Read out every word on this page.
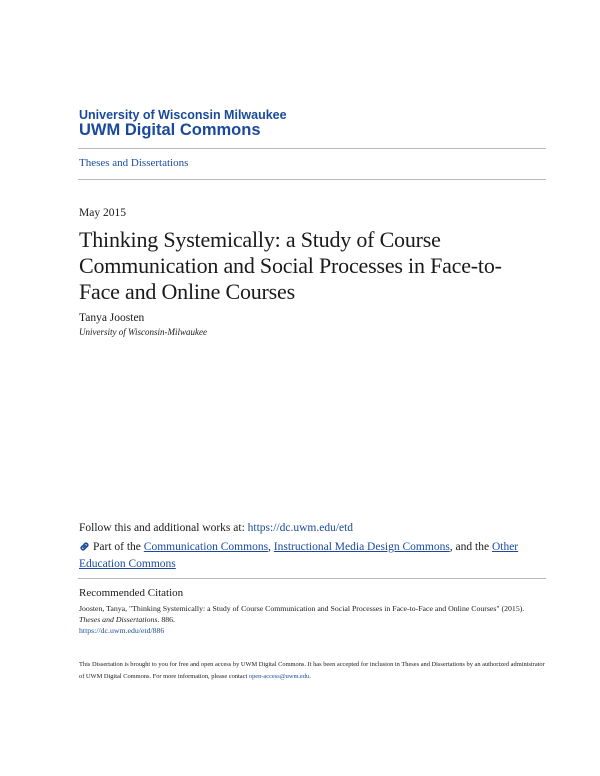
University of Wisconsin Milwaukee
UWM Digital Commons
Theses and Dissertations
May 2015
Thinking Systemically: a Study of Course Communication and Social Processes in Face-to-Face and Online Courses
Tanya Joosten
University of Wisconsin-Milwaukee
Follow this and additional works at: https://dc.uwm.edu/etd
Part of the Communication Commons, Instructional Media Design Commons, and the Other Education Commons
Recommended Citation
Joosten, Tanya, "Thinking Systemically: a Study of Course Communication and Social Processes in Face-to-Face and Online Courses" (2015). Theses and Dissertations. 886.
https://dc.uwm.edu/etd/886
This Dissertation is brought to you for free and open access by UWM Digital Commons. It has been accepted for inclusion in Theses and Dissertations by an authorized administrator of UWM Digital Commons. For more information, please contact open-access@uwm.edu.
